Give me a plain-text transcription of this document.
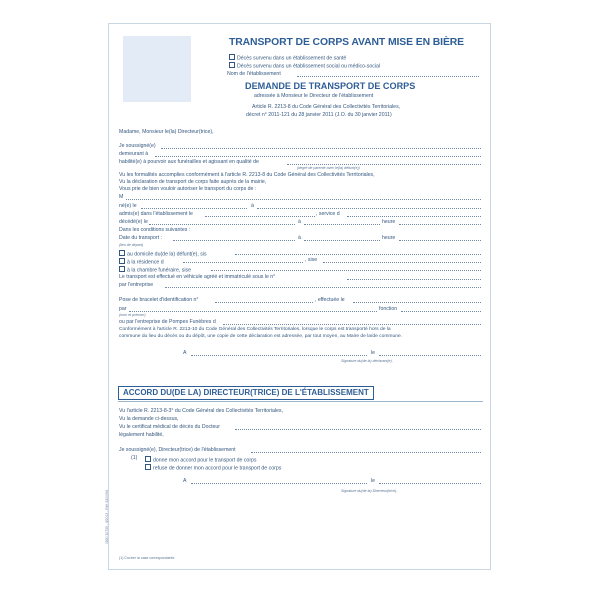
TRANSPORT DE CORPS AVANT MISE EN BIÈRE
Décès survenu dans un établissement de santé
Décès survenu dans un établissement social ou médico-social
Nom de l'établissement
DEMANDE DE TRANSPORT DE CORPS
adressée à Monsieur le Directeur de l'établissement
Article R. 2213-8 du Code Général des Collectivités Territoriales,
décret n° 2011-121 du 28 janvier 2011 (J.O. du 30 janvier 2011)
Madame, Monsieur le(la) Directeur(trice),
Je soussigné(e)
demeurant à
habilité(e) à pourvoir aux funérailles et agissant en qualité de
(degré de parenté avec le(la) défunt(e))
Vu les formalités accomplies conformément à l'article R. 2213-8 du Code Général des Collectivités Territoriales,
Vu la déclaration de transport de corps faite auprès de la mairie,
Vous prie de bien vouloir autoriser le transport du corps de :
M
né(e) le	à
admis(e) dans l'établissement le	, service d
décédé(e) le	à	heure
Dans les conditions suivantes :
Date du transport :	à	heure
(lieu de départ)
au domicile du(de la) défunt(e), sis
à la résidence d	, sise
à la chambre funéraire, sise
Le transport est effectué en véhicule agréé et immatriculé sous le n°
par l'entreprise
Pose de bracelet d'identification n°	, effectuée le
par	fonction
(nom et prénom)
ou par l'entreprise de Pompes Funèbres d
Conformément à l'article R. 2213-10 du Code Général des Collectivités Territoriales, lorsque le corps est transporté hors de la
commune du lieu du décès ou du dépôt, une copie de cette déclaration est adressée, par tout moyen, au Maire de la/de commune.
A	le
Signature du(de la) déclarant(e),
ACCORD DU(DE LA) DIRECTEUR(TRICE) DE L'ÉTABLISSEMENT
Vu l'article R. 2213-8-3° du Code Général des Collectivités Territoriales,
Vu la demande ci-dessus,
Vu le certificat médical de décès du Docteur
légalement habilité,
Je soussigné(e), Directeur(trice) de l'établissement
(1)	donne mon accord pour le transport de corps
refuse de donner mon accord pour le transport de corps
A	le
Signature du(de la) Directeur(trice).
0830 30735 - 4/2013 - Réf. 6300/94
(1) Cocher la case correspondante.
